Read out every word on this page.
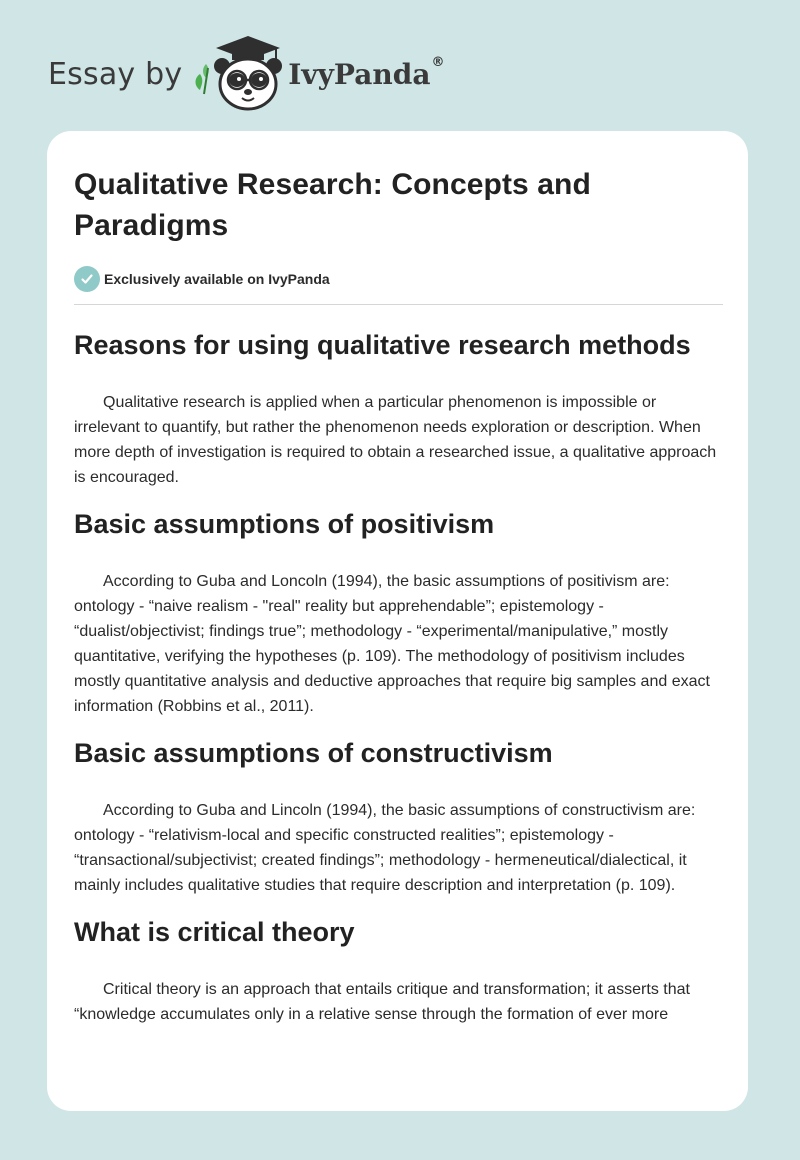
Essay by	IvyPanda ®
Qualitative Research: Concepts and Paradigms
Exclusively available on IvyPanda
Reasons for using qualitative research methods

Qualitative research is applied when a particular phenomenon is impossible or irrelevant to quantify, but rather the phenomenon needs exploration or description. When more depth of investigation is required to obtain a researched issue, a qualitative approach is encouraged.

Basic assumptions of positivism

According to Guba and Loncoln (1994), the basic assumptions of positivism are: ontology - “naive realism - "real" reality but apprehendable”; epistemology - “dualist/objectivist; findings true”; methodology - “experimental/manipulative,” mostly quantitative, verifying the hypotheses (p. 109). The methodology of positivism includes mostly quantitative analysis and deductive approaches that require big samples and exact information (Robbins et al., 2011).

Basic assumptions of constructivism

According to Guba and Lincoln (1994), the basic assumptions of constructivism are: ontology - “relativism-local and specific constructed realities”; epistemology - “transactional/subjectivist; created findings”; methodology - hermeneutical/dialectical, it mainly includes qualitative studies that require description and interpretation (p. 109).

What is critical theory

Critical theory is an approach that entails critique and transformation; it asserts that “knowledge accumulates only in a relative sense through the formation of ever more
